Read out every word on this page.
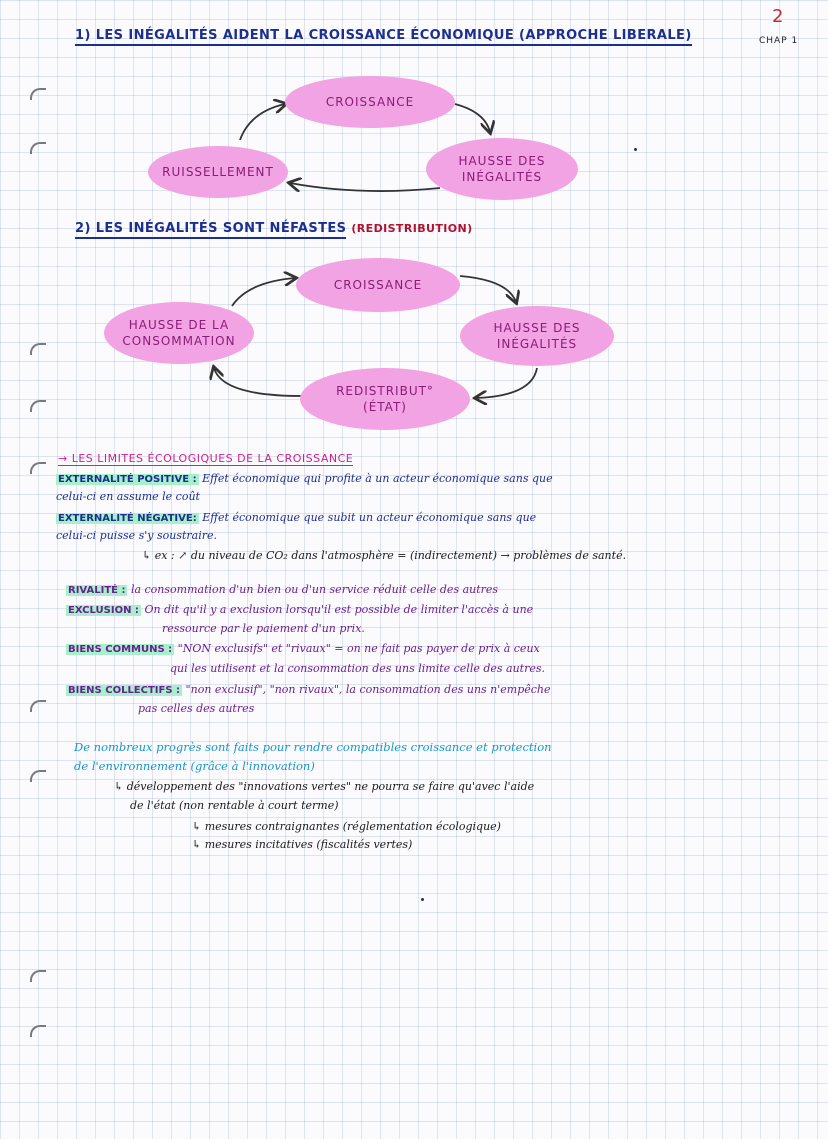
1) LES INÉGALITÉS AIDENT LA CROISSANCE ÉCONOMIQUE (APPROCHE LIBERALE)
2
CHAP 1
CROISSANCE
HAUSSE DES
INÉGALITÉS
RUISSELLEMENT
2) LES INÉGALITÉS SONT NÉFASTES (REDISTRIBUTION)
CROISSANCE
HAUSSE DES
INÉGALITÉS
REDISTRIBUT°
(ÉTAT)
HAUSSE DE LA
CONSOMMATION
→ LES LIMITES ÉCOLOGIQUES DE LA CROISSANCE
EXTERNALITÉ POSITIVE : Effet économique qui profite à un acteur économique sans que
celui-ci en assume le coût
EXTERNALITÉ NÉGATIVE: Effet économique que subit un acteur économique sans que
celui-ci puisse s'y soustraire.
↳ ex : ↗ du niveau de CO₂ dans l'atmosphère = (indirectement) → problèmes de santé.
RIVALITÉ : la consommation d'un bien ou d'un service réduit celle des autres
EXCLUSION : On dit qu'il y a exclusion lorsqu'il est possible de limiter l'accès à une
ressource par le paiement d'un prix.
BIENS COMMUNS : "NON exclusifs" et "rivaux" = on ne fait pas payer de prix à ceux
qui les utilisent et la consommation des uns limite celle des autres.
BIENS COLLECTIFS : "non exclusif", "non rivaux", la consommation des uns n'empêche
pas celles des autres
De nombreux progrès sont faits pour rendre compatibles croissance et protection
de l'environnement (grâce à l'innovation)
↳ développement des "innovations vertes" ne pourra se faire qu'avec l'aide
de l'état (non rentable à court terme)
↳ mesures contraignantes (réglementation écologique)
↳ mesures incitatives (fiscalités vertes)
